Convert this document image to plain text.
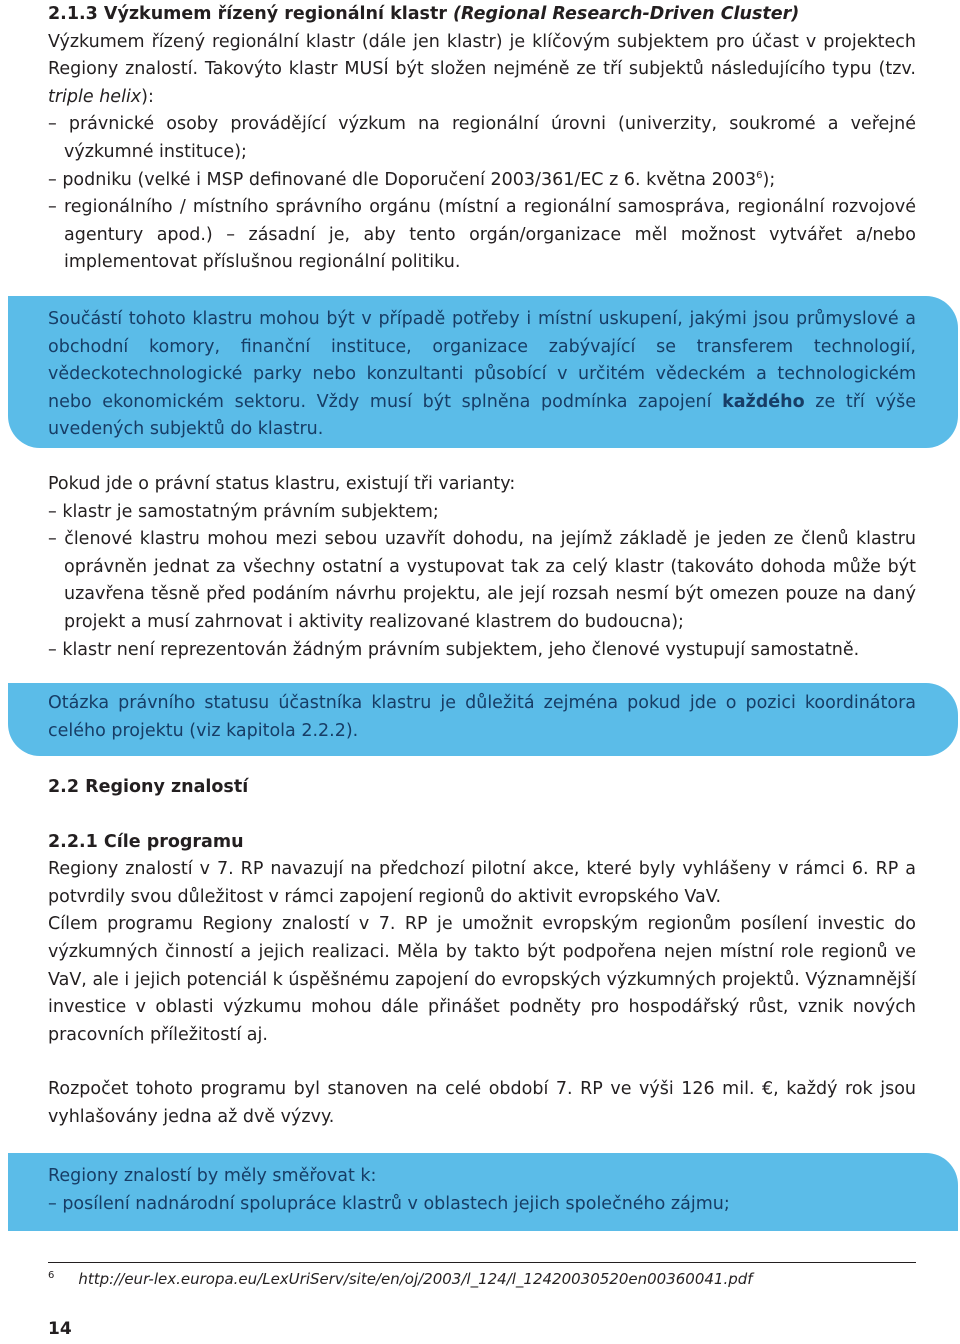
2.1.3 Výzkumem řízený regionální klastr (Regional Research-Driven Cluster)

Výzkumem řízený regionální klastr (dále jen klastr) je klíčovým subjektem pro účast v projektech Regiony znalostí. Takovýto klastr MUSÍ být složen nejméně ze tří subjektů následujícího typu (tzv. triple helix):

– právnické osoby provádějící výzkum na regionální úrovni (univerzity, soukromé a veřejné výzkumné instituce);

– podniku (velké i MSP definované dle Doporučení 2003/361/EC z 6. května 2003$^6$);

– regionálního / místního správního orgánu (místní a regionální samospráva, regionální rozvojové agentury apod.) – zásadní je, aby tento orgán/organizace měl možnost vytvářet a/nebo implementovat příslušnou regionální politiku.

Součástí tohoto klastru mohou být v případě potřeby i místní uskupení, jakými jsou průmyslové a obchodní komory, finanční instituce, organizace zabývající se transferem technologií, vědeckotechnologické parky nebo konzultanti působící v určitém vědeckém a technologickém nebo ekonomickém sektoru. Vždy musí být splněna podmínka zapojení každého ze tří výše uvedených subjektů do klastru.

Pokud jde o právní status klastru, existují tři varianty:

– klastr je samostatným právním subjektem;

– členové klastru mohou mezi sebou uzavřít dohodu, na jejímž základě je jeden ze členů klastru oprávněn jednat za všechny ostatní a vystupovat tak za celý klastr (takováto dohoda může být uzavřena těsně před podáním návrhu projektu, ale její rozsah nesmí být omezen pouze na daný projekt a musí zahrnovat i aktivity realizované klastrem do budoucna);

– klastr není reprezentován žádným právním subjektem, jeho členové vystupují samostatně.

Otázka právního statusu účastníka klastru je důležitá zejména pokud jde o pozici koordinátora celého projektu (viz kapitola 2.2.2).

2.2 Regiony znalostí

2.2.1 Cíle programu

Regiony znalostí v 7. RP navazují na předchozí pilotní akce, které byly vyhlášeny v rámci 6. RP a potvrdily svou důležitost v rámci zapojení regionů do aktivit evropského VaV.

Cílem programu Regiony znalostí v 7. RP je umožnit evropským regionům posílení investic do výzkumných činností a jejich realizaci. Měla by takto být podpořena nejen místní role regionů ve VaV, ale i jejich potenciál k úspěšnému zapojení do evropských výzkumných projektů. Významnější investice v oblasti výzkumu mohou dále přinášet podněty pro hospodářský růst, vznik nových pracovních příležitostí aj.

Rozpočet tohoto programu byl stanoven na celé období 7. RP ve výši 126 mil. €, každý rok jsou vyhlašovány jedna až dvě výzvy.

Regiony znalostí by měly směřovat k:

– posílení nadnárodní spolupráce klastrů v oblastech jejich společného zájmu;

$^6$ http://eur-lex.europa.eu/LexUriServ/site/en/oj/2003/l_124/l_12420030520en00360041.pdf

14
